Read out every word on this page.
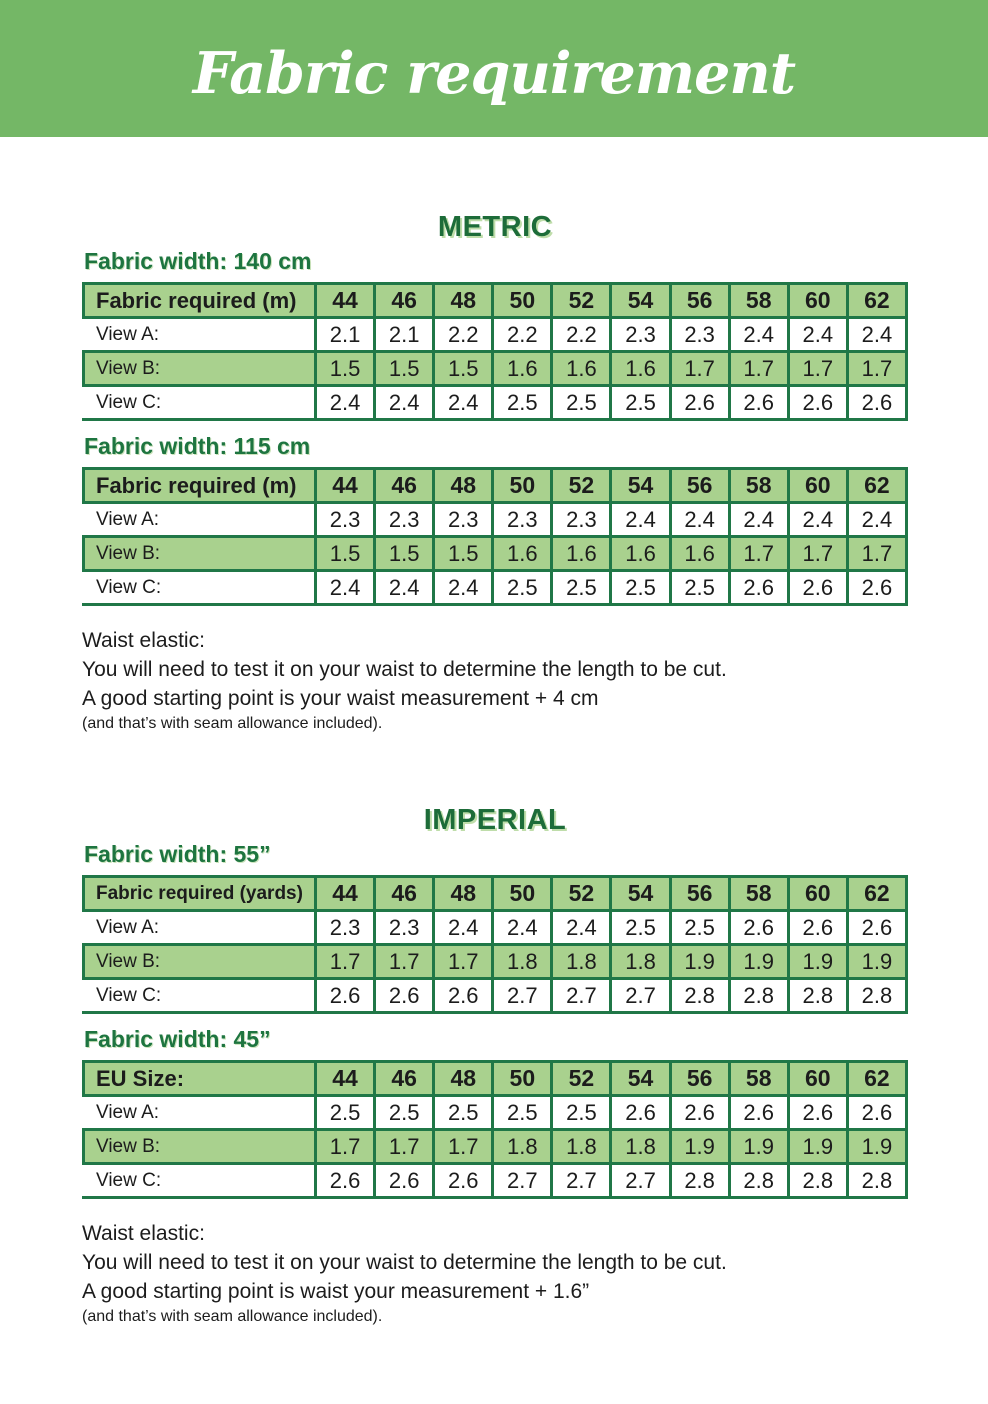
Fabric requirement
METRIC
Fabric width: 140 cm
Fabric required (m)	44	46	48	50	52	54	56	58	60	62
View A:	2.1	2.1	2.2	2.2	2.2	2.3	2.3	2.4	2.4	2.4
View B:	1.5	1.5	1.5	1.6	1.6	1.6	1.7	1.7	1.7	1.7
View C:	2.4	2.4	2.4	2.5	2.5	2.5	2.6	2.6	2.6	2.6
Fabric width: 115 cm
Fabric required (m)	44	46	48	50	52	54	56	58	60	62
View A:	2.3	2.3	2.3	2.3	2.3	2.4	2.4	2.4	2.4	2.4
View B:	1.5	1.5	1.5	1.6	1.6	1.6	1.6	1.7	1.7	1.7
View C:	2.4	2.4	2.4	2.5	2.5	2.5	2.5	2.6	2.6	2.6

Waist elastic:

You will need to test it on your waist to determine the length to be cut.

A good starting point is your waist measurement + 4 cm

(and that’s with seam allowance included).

IMPERIAL
Fabric width: 55”
Fabric required (yards)	44	46	48	50	52	54	56	58	60	62
View A:	2.3	2.3	2.4	2.4	2.4	2.5	2.5	2.6	2.6	2.6
View B:	1.7	1.7	1.7	1.8	1.8	1.8	1.9	1.9	1.9	1.9
View C:	2.6	2.6	2.6	2.7	2.7	2.7	2.8	2.8	2.8	2.8
Fabric width: 45”
EU Size:	44	46	48	50	52	54	56	58	60	62
View A:	2.5	2.5	2.5	2.5	2.5	2.6	2.6	2.6	2.6	2.6
View B:	1.7	1.7	1.7	1.8	1.8	1.8	1.9	1.9	1.9	1.9
View C:	2.6	2.6	2.6	2.7	2.7	2.7	2.8	2.8	2.8	2.8

Waist elastic:

You will need to test it on your waist to determine the length to be cut.

A good starting point is waist your measurement + 1.6”

(and that’s with seam allowance included).
